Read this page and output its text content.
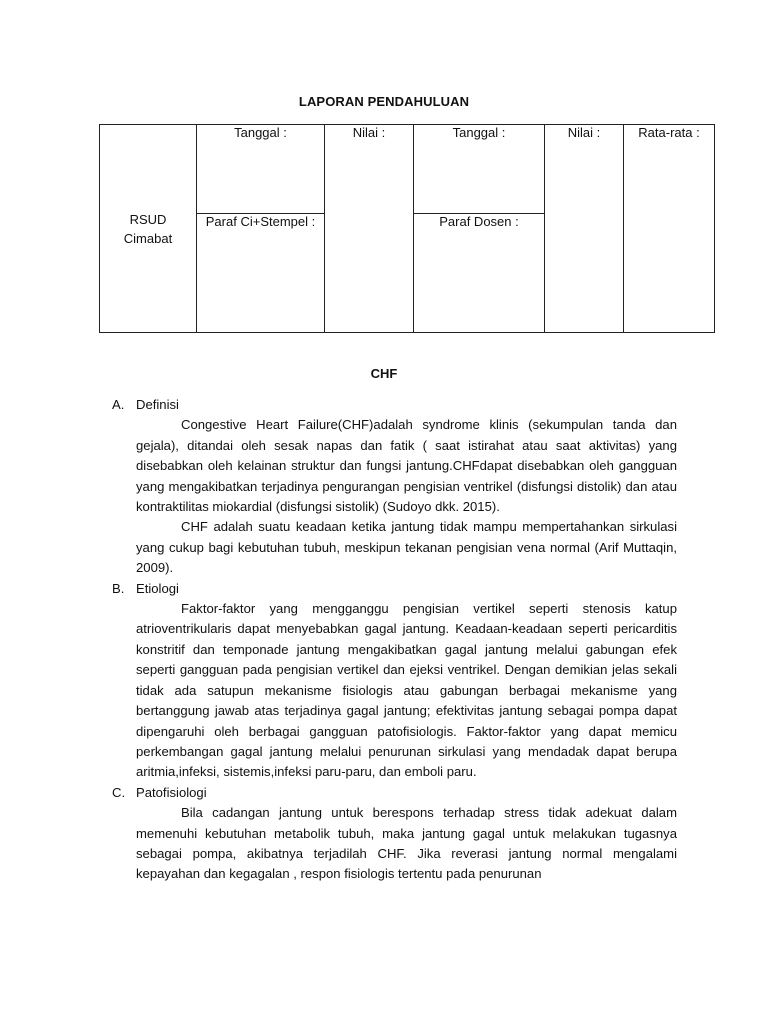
LAPORAN PENDAHULUAN
RSUD
Cimabat	Tanggal :	Nilai :	Tanggal :	Nilai :	Rata-rata :
	Paraf Ci+Stempel :		Paraf Dosen :		
CHF
A. Definisi
Congestive Heart Failure(CHF)adalah syndrome klinis (sekumpulan tanda dan gejala), ditandai oleh sesak napas dan fatik ( saat istirahat atau saat aktivitas) yang disebabkan oleh kelainan struktur dan fungsi jantung.CHFdapat disebabkan oleh gangguan yang mengakibatkan terjadinya pengurangan pengisian ventrikel (disfungsi distolik) dan atau kontraktilitas miokardial (disfungsi sistolik) (Sudoyo dkk. 2015).
CHF adalah suatu keadaan ketika jantung tidak mampu mempertahankan sirkulasi yang cukup bagi kebutuhan tubuh, meskipun tekanan pengisian vena normal (Arif Muttaqin, 2009).
B. Etiologi
Faktor-faktor yang mengganggu pengisian vertikel seperti stenosis katup atrioventrikularis dapat menyebabkan gagal jantung. Keadaan-keadaan seperti pericarditis konstritif dan temponade jantung mengakibatkan gagal jantung melalui gabungan efek seperti gangguan pada pengisian vertikel dan ejeksi ventrikel. Dengan demikian jelas sekali tidak ada satupun mekanisme fisiologis atau gabungan berbagai mekanisme yang bertanggung jawab atas terjadinya gagal jantung; efektivitas jantung sebagai pompa dapat dipengaruhi oleh berbagai gangguan patofisiologis. Faktor-faktor yang dapat memicu perkembangan gagal jantung melalui penurunan sirkulasi yang mendadak dapat berupa aritmia,infeksi, sistemis,infeksi paru-paru, dan emboli paru.
C. Patofisiologi
Bila cadangan jantung untuk berespons terhadap stress tidak adekuat dalam memenuhi kebutuhan metabolik tubuh, maka jantung gagal untuk melakukan tugasnya sebagai pompa, akibatnya terjadilah CHF. Jika reverasi jantung normal mengalami kepayahan dan kegagalan , respon fisiologis tertentu pada penurunan
